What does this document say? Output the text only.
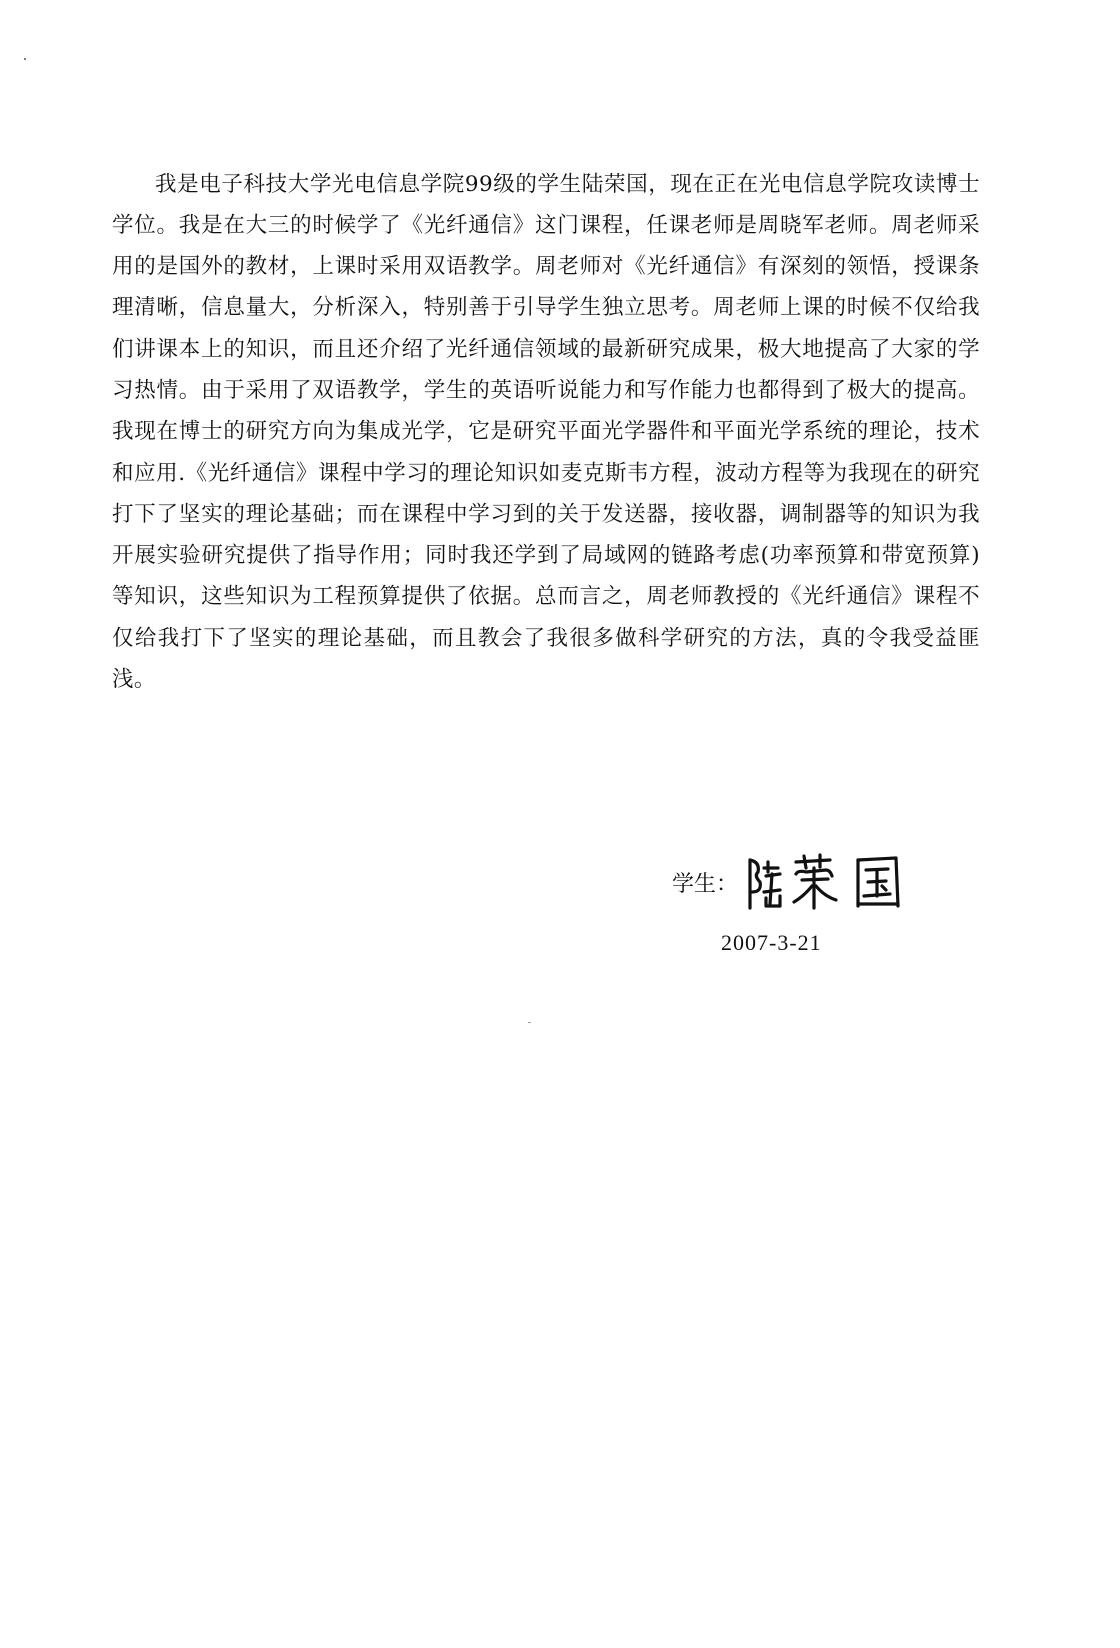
我是电子科技大学光电信息学院99级的学生陆荣国，现在正在光电信息学院攻读博士学位。我是在大三的时候学了《光纤通信》这门课程，任课老师是周晓军老师。周老师采用的是国外的教材，上课时采用双语教学。周老师对《光纤通信》有深刻的领悟，授课条理清晰，信息量大，分析深入，特别善于引导学生独立思考。周老师上课的时候不仅给我们讲课本上的知识，而且还介绍了光纤通信领域的最新研究成果，极大地提高了大家的学习热情。由于采用了双语教学，学生的英语听说能力和写作能力也都得到了极大的提高。我现在博士的研究方向为集成光学，它是研究平面光学器件和平面光学系统的理论，技术和应用.《光纤通信》课程中学习的理论知识如麦克斯韦方程，波动方程等为我现在的研究打下了坚实的理论基础；而在课程中学习到的关于发送器，接收器，调制器等的知识为我开展实验研究提供了指导作用；同时我还学到了局域网的链路考虑(功率预算和带宽预算)等知识，这些知识为工程预算提供了依据。总而言之，周老师教授的《光纤通信》课程不仅给我打下了坚实的理论基础，而且教会了我很多做科学研究的方法，真的令我受益匪浅。

学生：
2007-3-21
